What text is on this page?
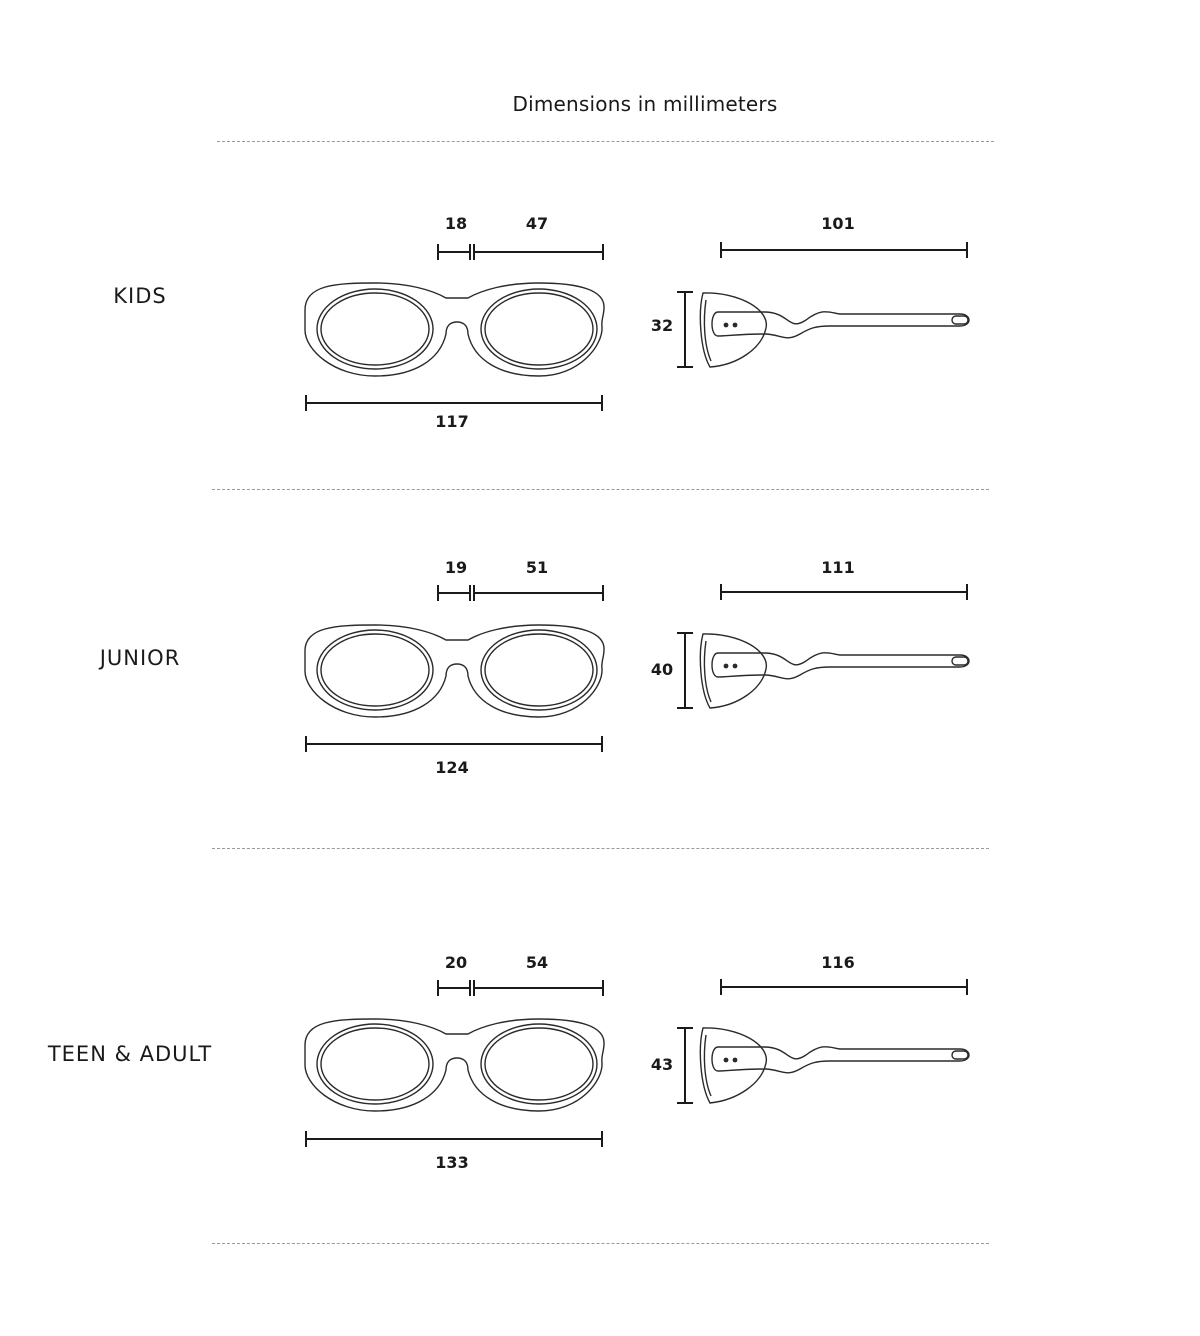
Dimensions in millimeters
KIDS
18	47
117
101
32
JUNIOR
19	51
124
111
40
TEEN & ADULT
20	54
133
116
43
